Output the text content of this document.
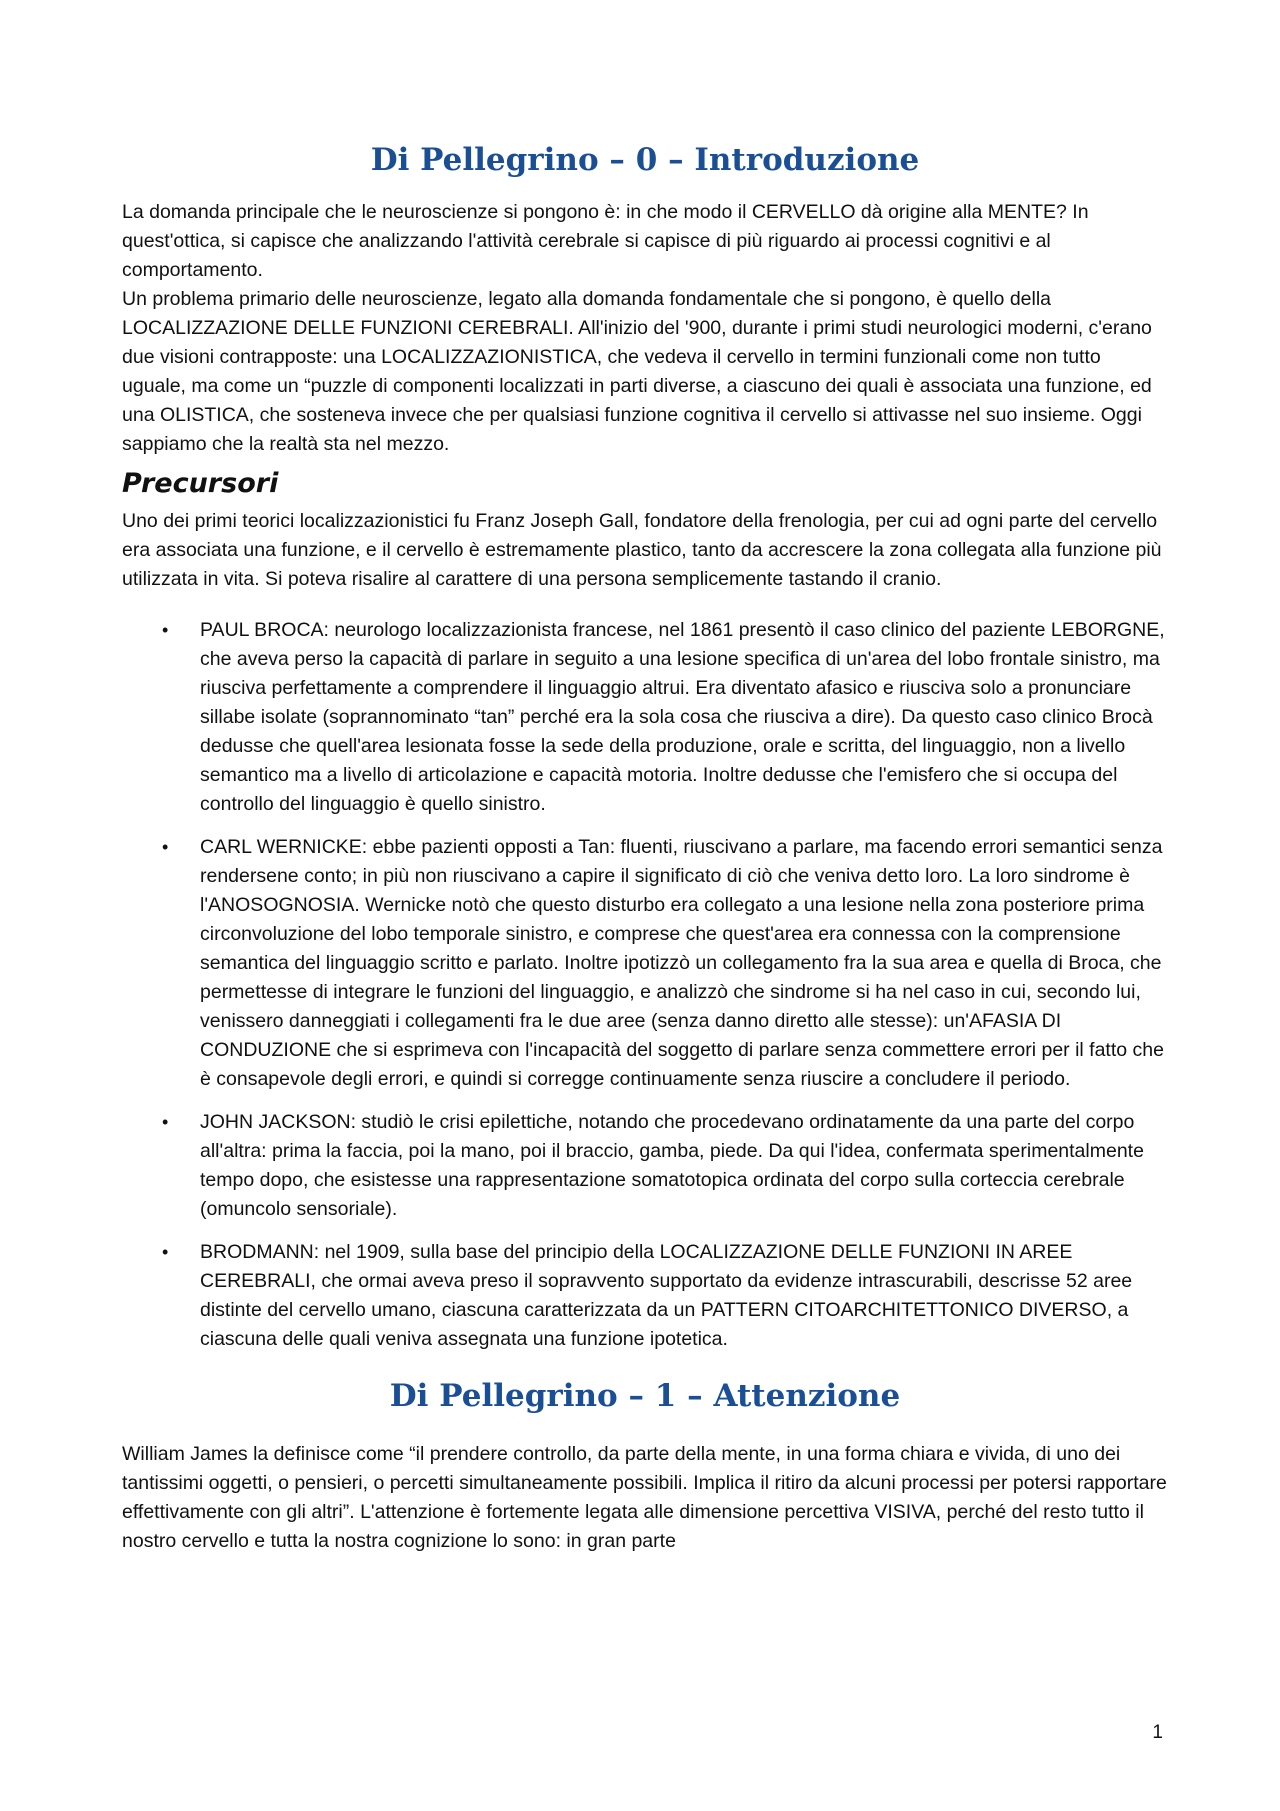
Di Pellegrino – 0 – Introduzione

La domanda principale che le neuroscienze si pongono è: in che modo il CERVELLO dà origine alla MENTE? In quest'ottica, si capisce che analizzando l'attività cerebrale si capisce di più riguardo ai processi cognitivi e al comportamento.

Un problema primario delle neuroscienze, legato alla domanda fondamentale che si pongono, è quello della LOCALIZZAZIONE DELLE FUNZIONI CEREBRALI. All'inizio del '900, durante i primi studi neurologici moderni, c'erano due visioni contrapposte: una LOCALIZZAZIONISTICA, che vedeva il cervello in termini funzionali come non tutto uguale, ma come un “puzzle di componenti localizzati in parti diverse, a ciascuno dei quali è associata una funzione, ed una OLISTICA, che sosteneva invece che per qualsiasi funzione cognitiva il cervello si attivasse nel suo insieme. Oggi sappiamo che la realtà sta nel mezzo.

Precursori

Uno dei primi teorici localizzazionistici fu Franz Joseph Gall, fondatore della frenologia, per cui ad ogni parte del cervello era associata una funzione, e il cervello è estremamente plastico, tanto da accrescere la zona collegata alla funzione più utilizzata in vita. Si poteva risalire al carattere di una persona semplicemente tastando il cranio.

• PAUL BROCA: neurologo localizzazionista francese, nel 1861 presentò il caso clinico del paziente LEBORGNE, che aveva perso la capacità di parlare in seguito a una lesione specifica di un'area del lobo frontale sinistro, ma riusciva perfettamente a comprendere il linguaggio altrui. Era diventato afasico e riusciva solo a pronunciare sillabe isolate (soprannominato “tan” perché era la sola cosa che riusciva a dire). Da questo caso clinico Brocà dedusse che quell'area lesionata fosse la sede della produzione, orale e scritta, del linguaggio, non a livello semantico ma a livello di articolazione e capacità motoria. Inoltre dedusse che l'emisfero che si occupa del controllo del linguaggio è quello sinistro.
• CARL WERNICKE: ebbe pazienti opposti a Tan: fluenti, riuscivano a parlare, ma facendo errori semantici senza rendersene conto; in più non riuscivano a capire il significato di ciò che veniva detto loro. La loro sindrome è l'ANOSOGNOSIA. Wernicke notò che questo disturbo era collegato a una lesione nella zona posteriore prima circonvoluzione del lobo temporale sinistro, e comprese che quest'area era connessa con la comprensione semantica del linguaggio scritto e parlato. Inoltre ipotizzò un collegamento fra la sua area e quella di Broca, che permettesse di integrare le funzioni del linguaggio, e analizzò che sindrome si ha nel caso in cui, secondo lui, venissero danneggiati i collegamenti fra le due aree (senza danno diretto alle stesse): un'AFASIA DI CONDUZIONE che si esprimeva con l'incapacità del soggetto di parlare senza commettere errori per il fatto che è consapevole degli errori, e quindi si corregge continuamente senza riuscire a concludere il periodo.
• JOHN JACKSON: studiò le crisi epilettiche, notando che procedevano ordinatamente da una parte del corpo all'altra: prima la faccia, poi la mano, poi il braccio, gamba, piede. Da qui l'idea, confermata sperimentalmente tempo dopo, che esistesse una rappresentazione somatotopica ordinata del corpo sulla corteccia cerebrale (omuncolo sensoriale).
• BRODMANN: nel 1909, sulla base del principio della LOCALIZZAZIONE DELLE FUNZIONI IN AREE CEREBRALI, che ormai aveva preso il sopravvento supportato da evidenze intrascurabili, descrisse 52 aree distinte del cervello umano, ciascuna caratterizzata da un PATTERN CITOARCHITETTONICO DIVERSO, a ciascuna delle quali veniva assegnata una funzione ipotetica.
Di Pellegrino – 1 – Attenzione

William James la definisce come “il prendere controllo, da parte della mente, in una forma chiara e vivida, di uno dei tantissimi oggetti, o pensieri, o percetti simultaneamente possibili. Implica il ritiro da alcuni processi per potersi rapportare effettivamente con gli altri”. L'attenzione è fortemente legata alle dimensione percettiva VISIVA, perché del resto tutto il nostro cervello e tutta la nostra cognizione lo sono: in gran parte

1
